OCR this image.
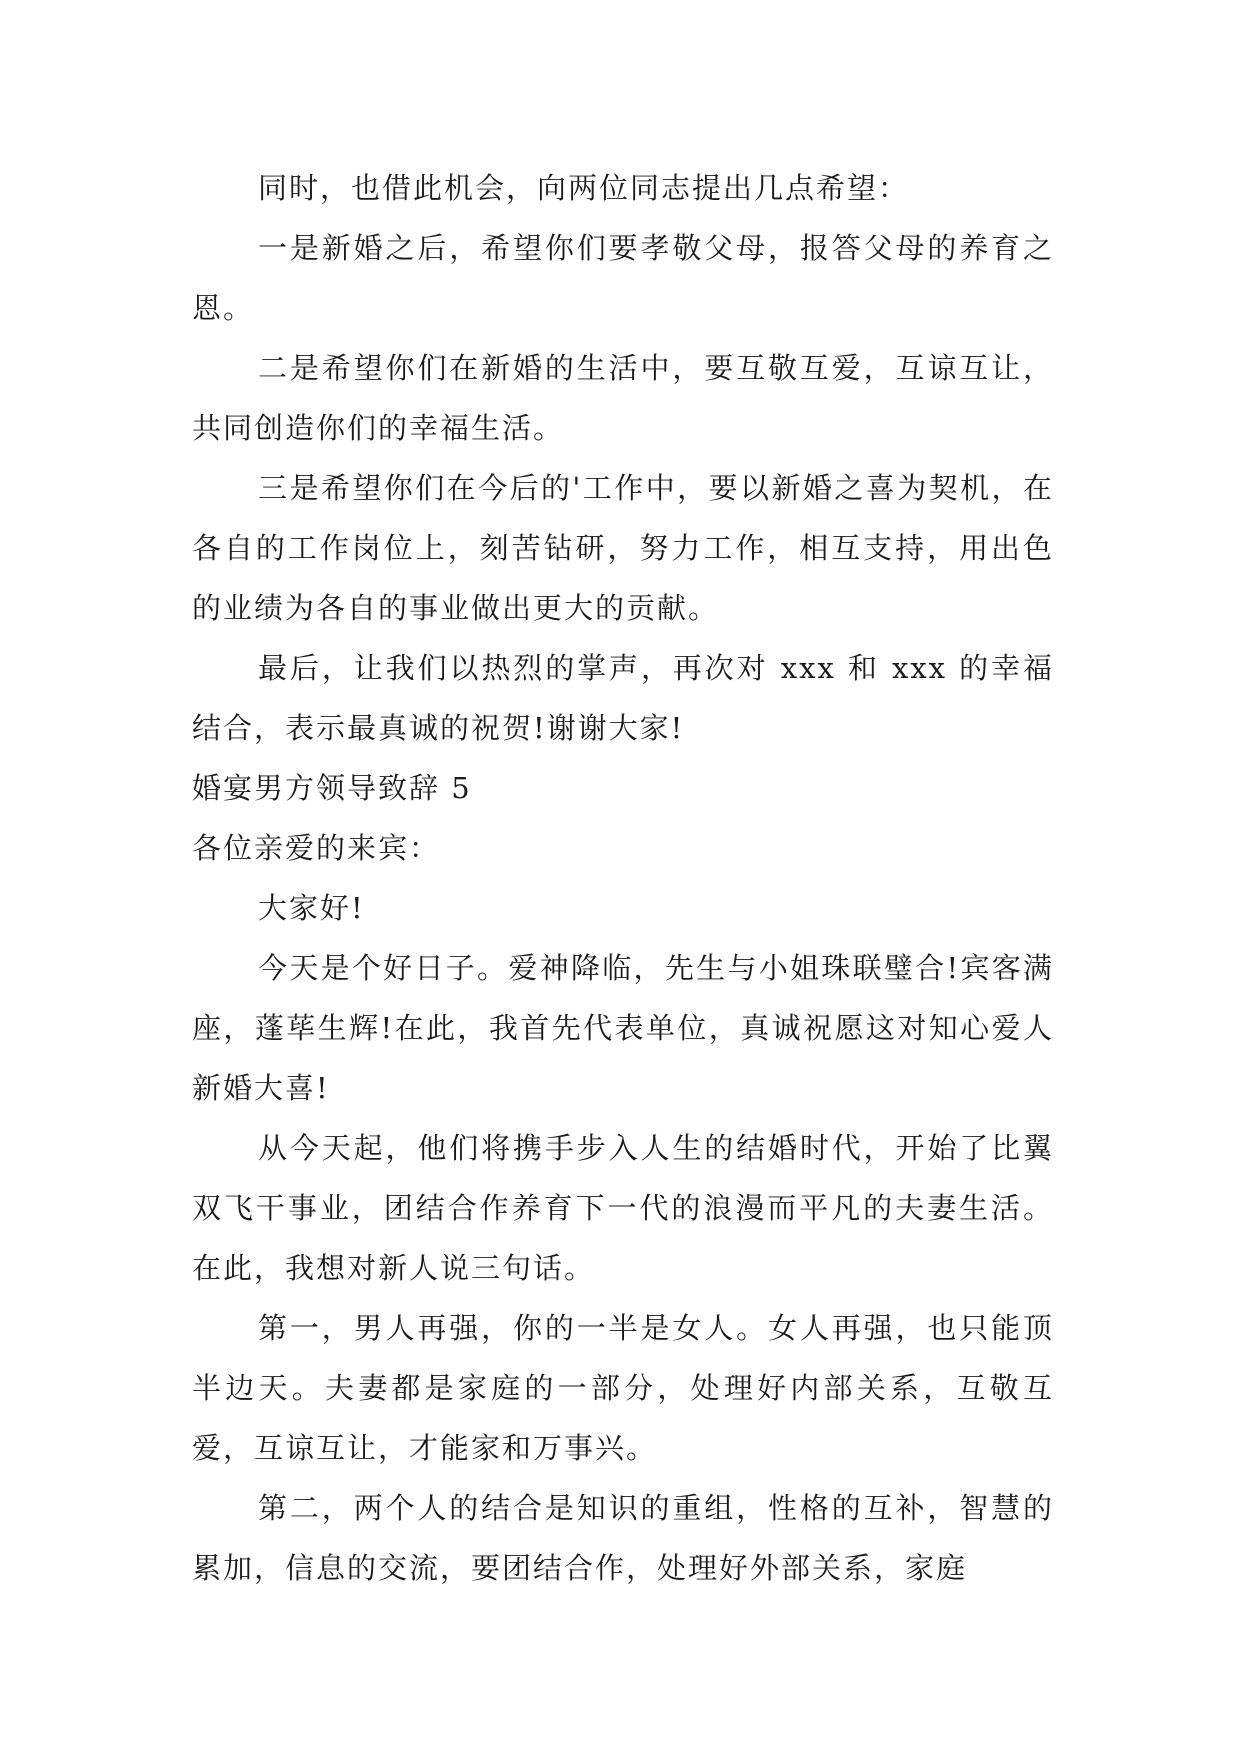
同时，也借此机会，向两位同志提出几点希望：

一是新婚之后，希望你们要孝敬父母，报答父母的养育之恩。

二是希望你们在新婚的生活中，要互敬互爱，互谅互让，共同创造你们的幸福生活。

三是希望你们在今后的'工作中，要以新婚之喜为契机，在各自的工作岗位上，刻苦钻研，努力工作，相互支持，用出色的业绩为各自的事业做出更大的贡献。

最后，让我们以热烈的掌声，再次对 xxx 和 xxx 的幸福结合，表示最真诚的祝贺!谢谢大家!

婚宴男方领导致辞 5

各位亲爱的来宾：

大家好!

今天是个好日子。爱神降临，先生与小姐珠联璧合!宾客满座，蓬荜生辉!在此，我首先代表单位，真诚祝愿这对知心爱人新婚大喜!

从今天起，他们将携手步入人生的结婚时代，开始了比翼双飞干事业，团结合作养育下一代的浪漫而平凡的夫妻生活。在此，我想对新人说三句话。

第一，男人再强，你的一半是女人。女人再强，也只能顶半边天。夫妻都是家庭的一部分，处理好内部关系，互敬互爱，互谅互让，才能家和万事兴。

第二，两个人的结合是知识的重组，性格的互补，智慧的累加，信息的交流，要团结合作，处理好外部关系，家庭
